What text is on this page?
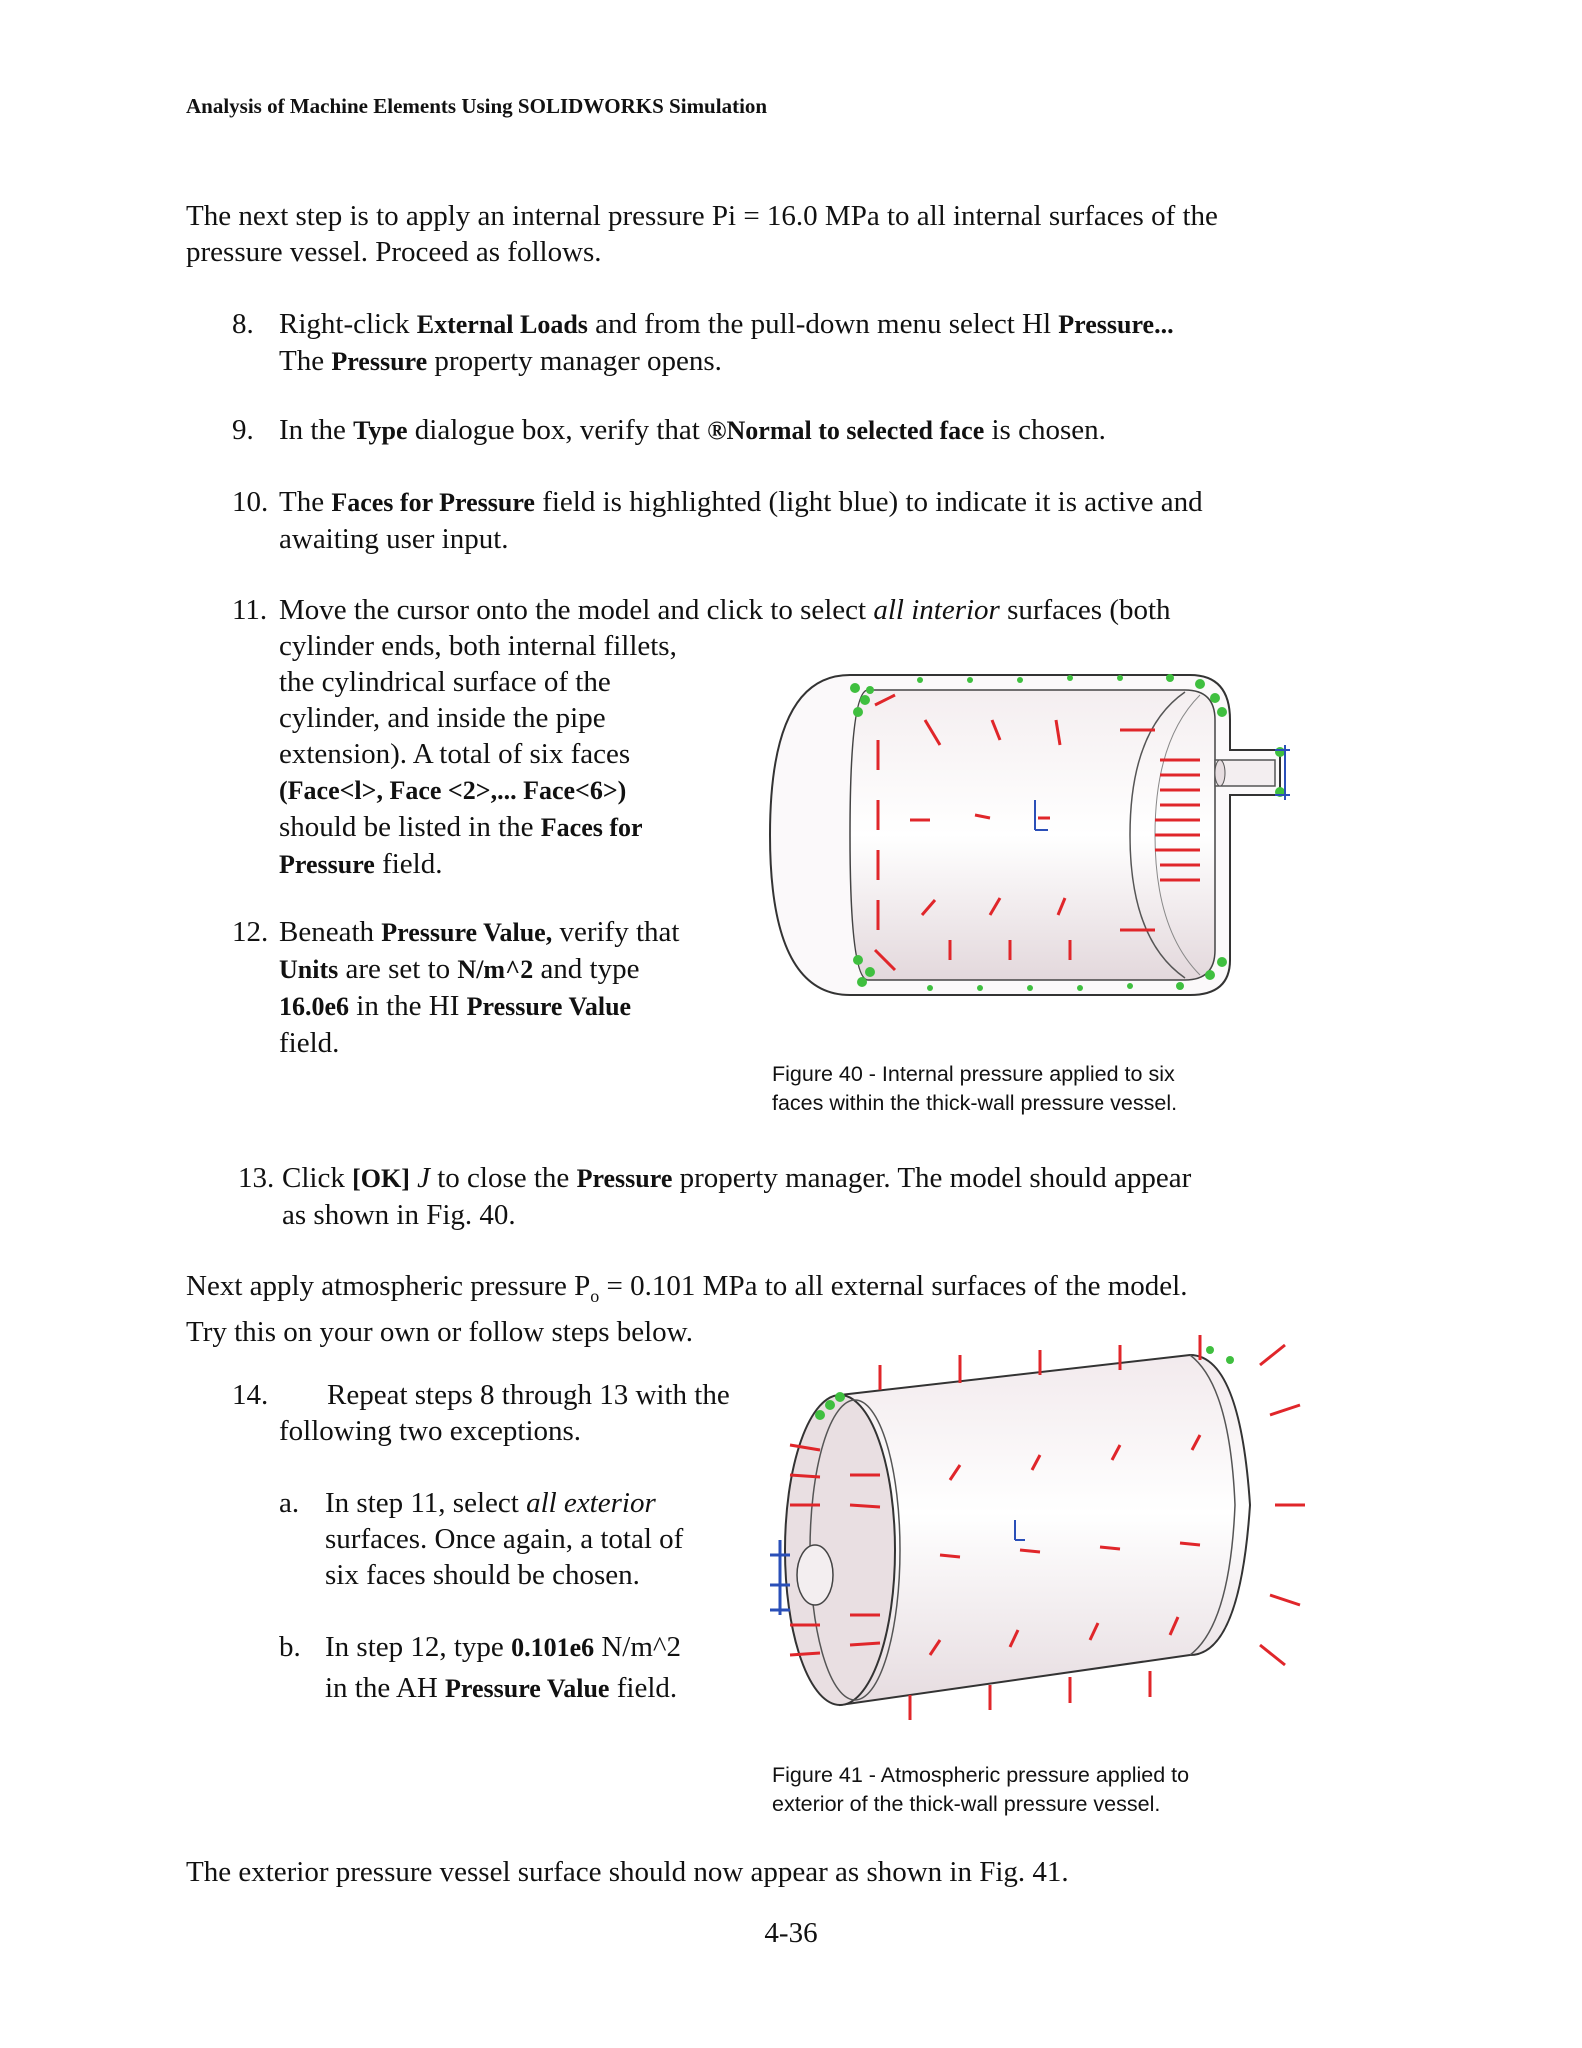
Analysis of Machine Elements Using SOLIDWORKS Simulation
The next step is to apply an internal pressure Pi = 16.0 MPa to all internal surfaces of the
pressure vessel. Proceed as follows.
8. Right-click External Loads and from the pull-down menu select Hl Pressure...
The Pressure property manager opens.
9. In the Type dialogue box, verify that ®Normal to selected face is chosen.
10. The Faces for Pressure field is highlighted (light blue) to indicate it is active and
awaiting user input.
11. Move the cursor onto the model and click to select all interior surfaces (both
cylinder ends, both internal fillets,
the cylindrical surface of the
cylinder, and inside the pipe
extension). A total of six faces
(Face<l>, Face <2>,... Face<6>)
should be listed in the Faces for
Pressure field.
12. Beneath Pressure Value, verify that
Units are set to N/m^2 and type
16.0e6 in the HI Pressure Value
field.
Figure 40 - Internal pressure applied to six
faces within the thick-wall pressure vessel.
13. Click [OK] J to close the Pressure property manager. The model should appear
as shown in Fig. 40.
Next apply atmospheric pressure $P_o = 0.101$ MPa to all external surfaces of the model.
Try this on your own or follow steps below.
14. Repeat steps 8 through 13 with the
following two exceptions.
a. In step 11, select all exterior
surfaces. Once again, a total of
six faces should be chosen.
b. In step 12, type 0.101e6 N/m^2
in the AH Pressure Value field.
Figure 41 - Atmospheric pressure applied to
exterior of the thick-wall pressure vessel.
The exterior pressure vessel surface should now appear as shown in Fig. 41.
4-36
